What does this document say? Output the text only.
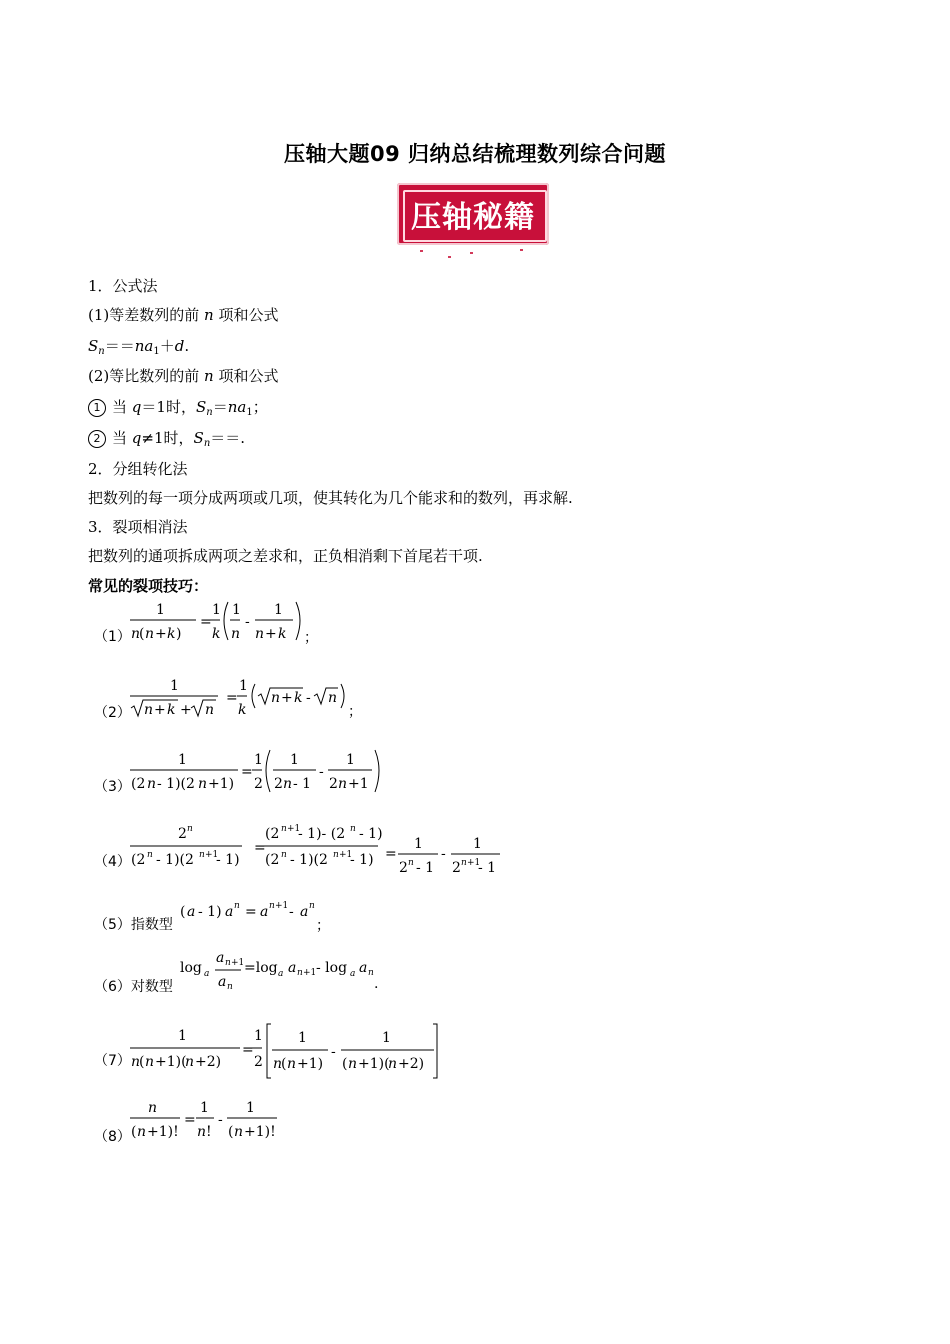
压轴大题09 归纳总结梳理数列综合问题
压轴秘籍
1．公式法
(1)等差数列的前 n 项和公式
$S_n==na_1+d$.
(2)等比数列的前 n 项和公式
1 当 q＝1时，$S_n=na_1$；
2 当 q≠1时，$S_n==$.
2．分组转化法
把数列的每一项分成两项或几项，使其转化为几个能求和的数列，再求解.
3．裂项相消法
把数列的通项拆成两项之差求和，正负相消剩下首尾若干项.
常见的裂项技巧：
（1）
1
n
( n + k )
=
1
k
1
n
-
1
n + k ；
（2）
1
n + k + n
=
1
k
n + k - n
；
（3）
1
(2 n - 1)(2 n +1)
=
1
2
1
2 n - 1
-
1
2 n +1
（4）
2 n
(2 n - 1)(2 n +1
- 1)
=
(2 n +1
- 1)- (2 n - 1)
(2 n - 1)(2 n +1
- 1) =
1
2 n - 1
-
1
2 n +1
- 1
（5）指数型
( a - 1) a n = a n +1 - a n
；
（6）对数型
log a
a n +1
a n
=log a a n +1 - log a a n
.
（7）
1
n
( n +1)(
n +2)
=
1
2
1
n
( n +1)
-
1
( n +1)(
n +2)
（8）
n
( n +1)!
=
1
n !
-
1
( n +1)!
